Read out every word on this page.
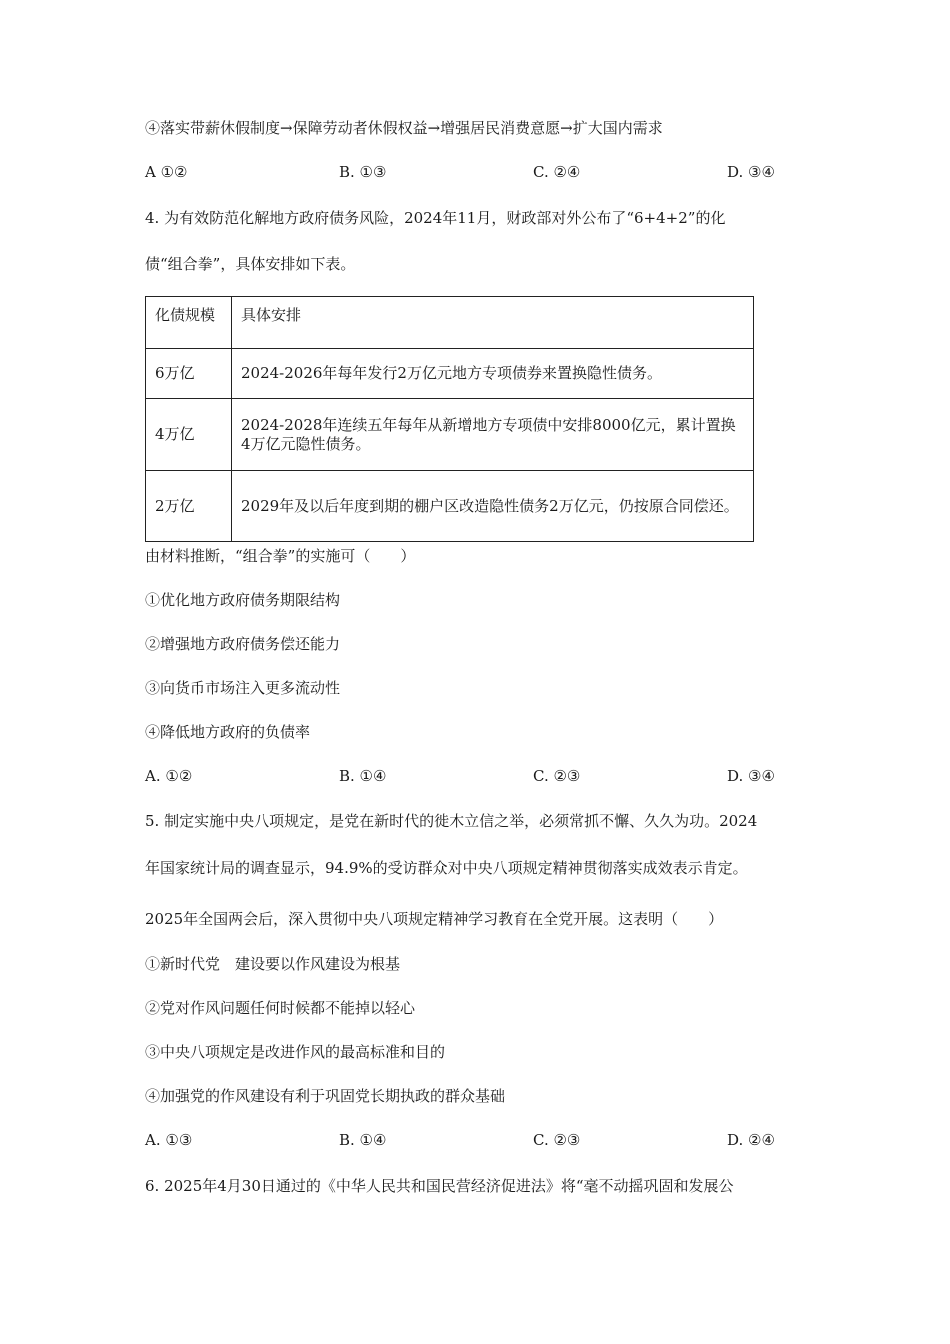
④落实带薪休假制度→保障劳动者休假权益→增强居民消费意愿→扩大国内需求
A ①②	B. ①③	C. ②④	D. ③④
4. 为有效防范化解地方政府债务风险，2024年11月，财政部对外公布了“6+4+2”的化
债“组合拳”，具体安排如下表。
化债规模	具体安排
6万亿	2024-2026年每年发行2万亿元地方专项债券来置换隐性债务。
4万亿	2024-2028年连续五年每年从新增地方专项债中安排8000亿元，累计置换4万亿元隐性债务。
2万亿	2029年及以后年度到期的棚户区改造隐性债务2万亿元，仍按原合同偿还。
由材料推断，“组合拳”的实施可（　　）
①优化地方政府债务期限结构
②增强地方政府债务偿还能力
③向货币市场注入更多流动性
④降低地方政府的负债率
A. ①②	B. ①④	C. ②③	D. ③④
5. 制定实施中央八项规定，是党在新时代的徙木立信之举，必须常抓不懈、久久为功。2024
年国家统计局的调查显示，94.9%的受访群众对中央八项规定精神贯彻落实成效表示肯定。
2025年全国两会后，深入贯彻中央八项规定精神学习教育在全党开展。这表明（　　）
①新时代党　建设要以作风建设为根基
②党对作风问题任何时候都不能掉以轻心
③中央八项规定是改进作风的最高标准和目的
④加强党的作风建设有利于巩固党长期执政的群众基础
A. ①③	B. ①④	C. ②③	D. ②④
6. 2025年4月30日通过的《中华人民共和国民营经济促进法》将“毫不动摇巩固和发展公
